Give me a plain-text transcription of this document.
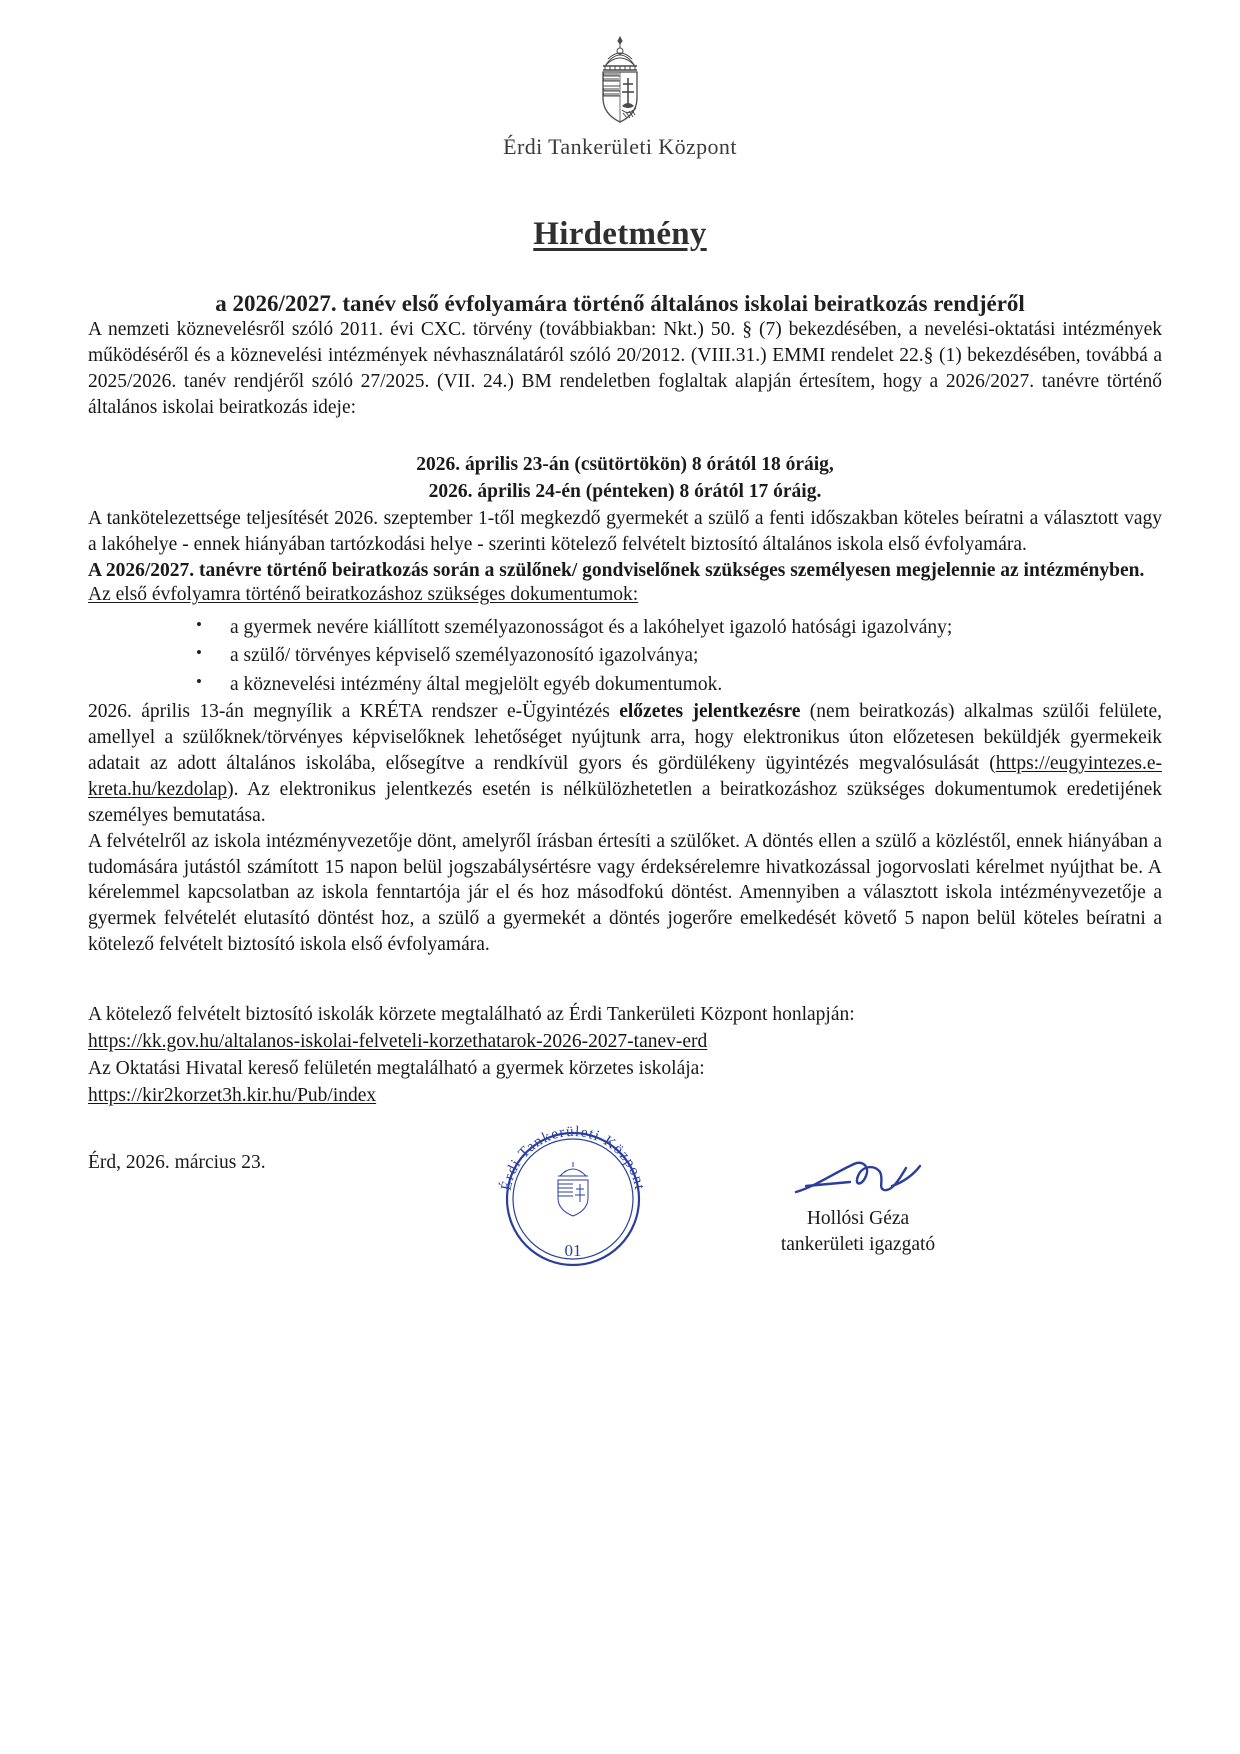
Érdi Tankerületi Központ
Hirdetmény
a 2026/2027. tanév első évfolyamára történő általános iskolai beiratkozás rendjéről

A nemzeti köznevelésről szóló 2011. évi CXC. törvény (továbbiakban: Nkt.) 50. § (7) bekezdésében, a nevelési-oktatási intézmények működéséről és a köznevelési intézmények névhasználatáról szóló 20/2012. (VIII.31.) EMMI rendelet 22.§ (1) bekezdésében, továbbá a 2025/2026. tanév rendjéről szóló 27/2025. (VII. 24.) BM rendeletben foglaltak alapján értesítem, hogy a 2026/2027. tanévre történő általános iskolai beiratkozás ideje:

2026. április 23-án (csütörtökön) 8 órától 18 óráig,
2026. április 24-én (pénteken) 8 órától 17 óráig.

A tankötelezettsége teljesítését 2026. szeptember 1-től megkezdő gyermekét a szülő a fenti időszakban köteles beíratni a választott vagy a lakóhelye - ennek hiányában tartózkodási helye - szerinti kötelező felvételt biztosító általános iskola első évfolyamára.

A 2026/2027. tanévre történő beiratkozás során a szülőnek/ gondviselőnek szükséges személyesen megjelennie az intézményben.

Az első évfolyamra történő beiratkozáshoz szükséges dokumentumok:

• a gyermek nevére kiállított személyazonosságot és a lakóhelyet igazoló hatósági igazolvány;
• a szülő/ törvényes képviselő személyazonosító igazolványa;
• a köznevelési intézmény által megjelölt egyéb dokumentumok.

2026. április 13-án megnyílik a KRÉTA rendszer e-Ügyintézés előzetes jelentkezésre (nem beiratkozás) alkalmas szülői felülete, amellyel a szülőknek/törvényes képviselőknek lehetőséget nyújtunk arra, hogy elektronikus úton előzetesen beküldjék gyermekeik adatait az adott általános iskolába, elősegítve a rendkívül gyors és gördülékeny ügyintézés megvalósulását (https://eugyintezes.e-kreta.hu/kezdolap). Az elektronikus jelentkezés esetén is nélkülözhetetlen a beiratkozáshoz szükséges dokumentumok eredetijének személyes bemutatása.

A felvételről az iskola intézményvezetője dönt, amelyről írásban értesíti a szülőket. A döntés ellen a szülő a közléstől, ennek hiányában a tudomására jutástól számított 15 napon belül jogszabálysértésre vagy érdeksérelemre hivatkozással jogorvoslati kérelmet nyújthat be. A kérelemmel kapcsolatban az iskola fenntartója jár el és hoz másodfokú döntést. Amennyiben a választott iskola intézményvezetője a gyermek felvételét elutasító döntést hoz, a szülő a gyermekét a döntés jogerőre emelkedését követő 5 napon belül köteles beíratni a kötelező felvételt biztosító iskola első évfolyamára.

A kötelező felvételt biztosító iskolák körzete megtalálható az Érdi Tankerületi Központ honlapján:
https://kk.gov.hu/altalanos-iskolai-felveteli-korzethatarok-2026-2027-tanev-erd
Az Oktatási Hivatal kereső felületén megtalálható a gyermek körzetes iskolája:
https://kir2korzet3h.kir.hu/Pub/index
Érd, 2026. március 23.
Érdi Tankerületi Központ
01
Hollósi Géza
tankerületi igazgató
